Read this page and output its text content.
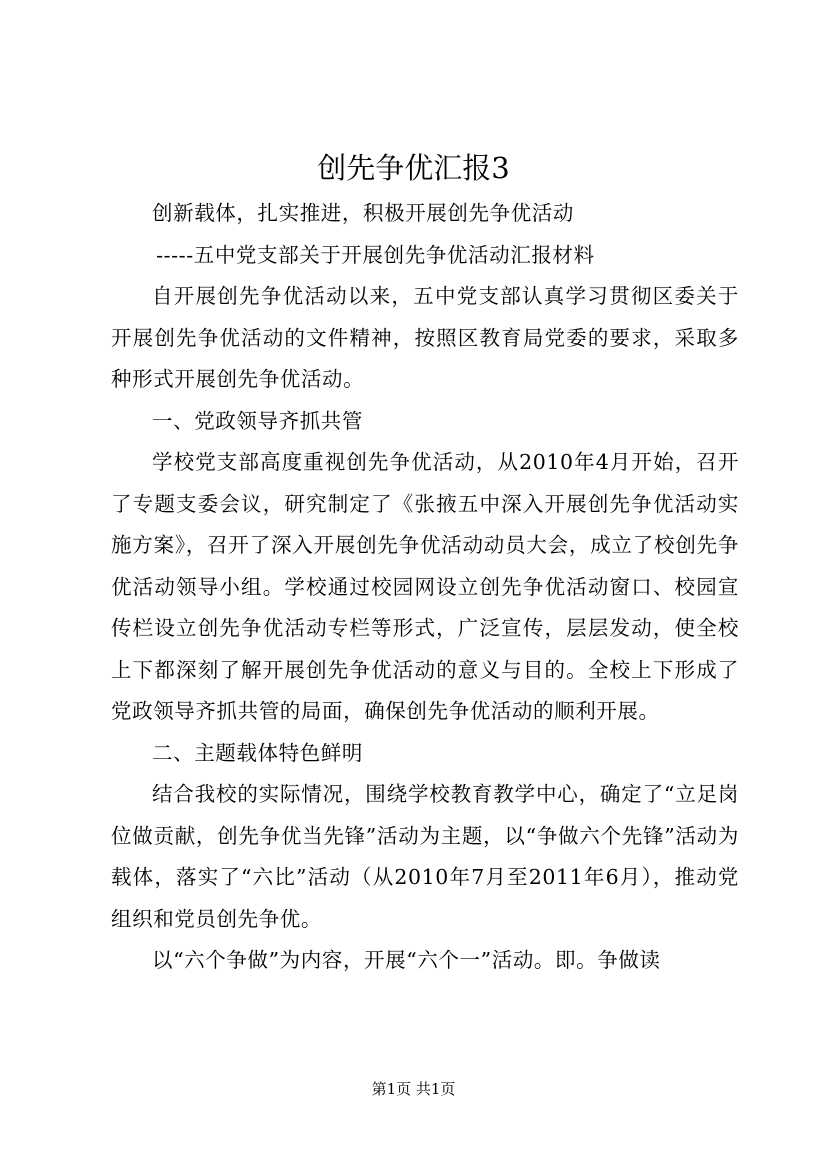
创先争优汇报3

创新载体，扎实推进，积极开展创先争优活动

-----五中党支部关于开展创先争优活动汇报材料

自开展创先争优活动以来，五中党支部认真学习贯彻区委关于开展创先争优活动的文件精神，按照区教育局党委的要求，采取多种形式开展创先争优活动。

一、党政领导齐抓共管

学校党支部高度重视创先争优活动，从2010年4月开始，召开了专题支委会议，研究制定了《张掖五中深入开展创先争优活动实施方案》，召开了深入开展创先争优活动动员大会，成立了校创先争优活动领导小组。学校通过校园网设立创先争优活动窗口、校园宣传栏设立创先争优活动专栏等形式，广泛宣传，层层发动，使全校上下都深刻了解开展创先争优活动的意义与目的。全校上下形成了党政领导齐抓共管的局面，确保创先争优活动的顺利开展。

二、主题载体特色鲜明

结合我校的实际情况，围绕学校教育教学中心，确定了“立足岗位做贡献，创先争优当先锋”活动为主题，以“争做六个先锋”活动为载体，落实了“六比”活动（从2010年7月至2011年6月），推动党组织和党员创先争优。

以“六个争做”为内容，开展“六个一”活动。即。争做读

第1页 共1页
